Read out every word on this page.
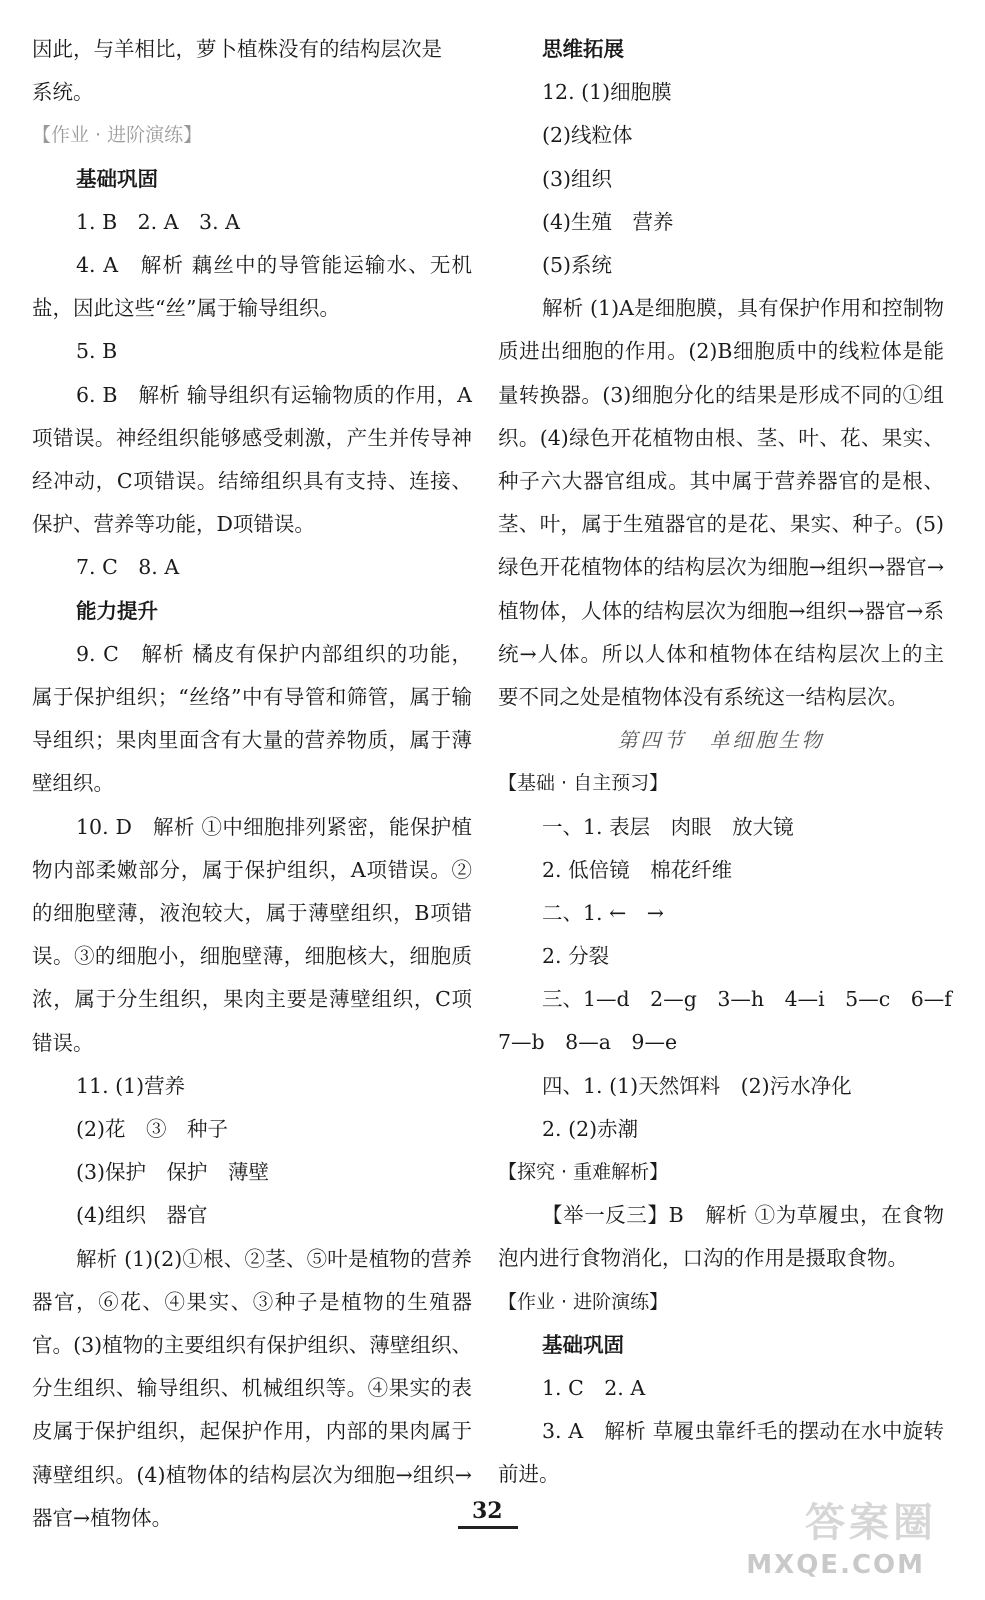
因此，与羊相比，萝卜植株没有的结构层次是
系统。
【作业 · 进阶演练】
基础巩固
1. B　2. A　3. A

4. A　解析 藕丝中的导管能运输水、无机盐，因此这些“丝”属于输导组织。

5. B

6. B　解析 输导组织有运输物质的作用，A项错误。神经组织能够感受刺激，产生并传导神经冲动，C项错误。结缔组织具有支持、连接、保护、营养等功能，D项错误。

7. C　8. A
能力提升

9. C　解析 橘皮有保护内部组织的功能，属于保护组织；“丝络”中有导管和筛管，属于输导组织；果肉里面含有大量的营养物质，属于薄壁组织。

10. D　解析 ①中细胞排列紧密，能保护植物内部柔嫩部分，属于保护组织，A项错误。②的细胞壁薄，液泡较大，属于薄壁组织，B项错误。③的细胞小，细胞壁薄，细胞核大，细胞质浓，属于分生组织，果肉主要是薄壁组织，C项错误。

11. (1)营养
(2)花　③　种子
(3)保护　保护　薄壁
(4)组织　器官

解析 (1)(2)①根、②茎、⑤叶是植物的营养器官，⑥花、④果实、③种子是植物的生殖器官。(3)植物的主要组织有保护组织、薄壁组织、分生组织、输导组织、机械组织等。④果实的表皮属于保护组织，起保护作用，内部的果肉属于薄壁组织。(4)植物体的结构层次为细胞→组织→器官→植物体。

思维拓展
12. (1)细胞膜
(2)线粒体
(3)组织
(4)生殖　营养
(5)系统

解析 (1)A是细胞膜，具有保护作用和控制物质进出细胞的作用。(2)B细胞质中的线粒体是能量转换器。(3)细胞分化的结果是形成不同的①组织。(4)绿色开花植物由根、茎、叶、花、果实、种子六大器官组成。其中属于营养器官的是根、茎、叶，属于生殖器官的是花、果实、种子。(5)绿色开花植物体的结构层次为细胞→组织→器官→植物体，人体的结构层次为细胞→组织→器官→系统→人体。所以人体和植物体在结构层次上的主要不同之处是植物体没有系统这一结构层次。

第四节　单细胞生物
【基础 · 自主预习】
一、1. 表层　肉眼　放大镜
2. 低倍镜　棉花纤维
二、1. ←　→
2. 分裂
三、1—d　2—g　3—h　4—i　5—c　6—f
7—b　8—a　9—e
四、1. (1)天然饵料　(2)污水净化
2. (2)赤潮
【探究 · 重难解析】

【举一反三】B　解析 ①为草履虫，在食物泡内进行食物消化，口沟的作用是摄取食物。

【作业 · 进阶演练】
基础巩固
1. C　2. A

3. A　解析 草履虫靠纤毛的摆动在水中旋转前进。

32	答案圈
MXQE.COM
